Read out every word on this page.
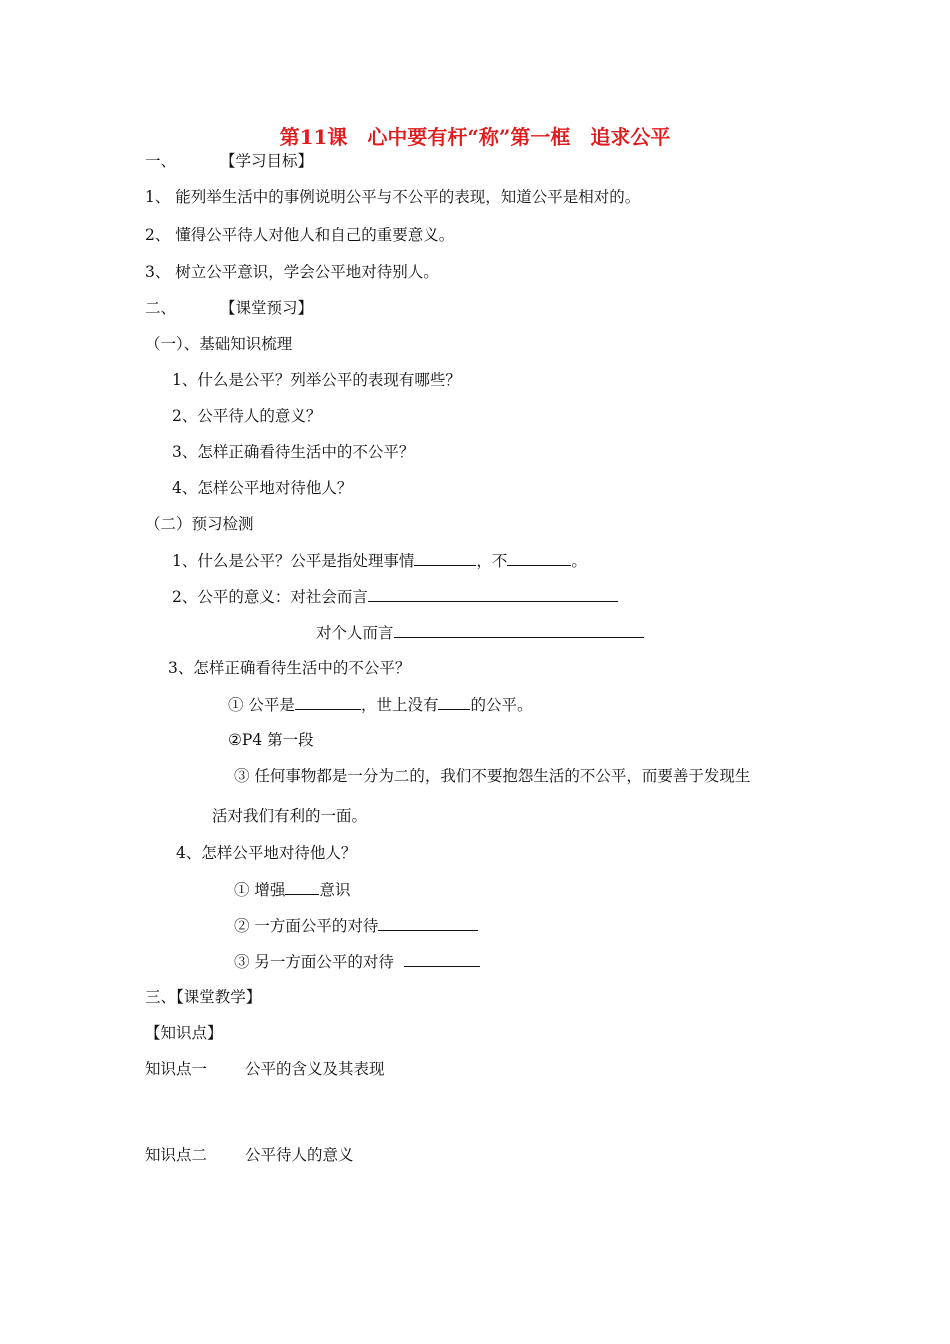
第11课　心中要有杆“称”第一框　追求公平
一、	【学习目标】
1、 能列举生活中的事例说明公平与不公平的表现，知道公平是相对的。
2、 懂得公平待人对他人和自己的重要意义。
3、 树立公平意识，学会公平地对待别人。
二、	【课堂预习】
（一）、基础知识梳理
1、什么是公平？列举公平的表现有哪些？
2、公平待人的意义？
3、怎样正确看待生活中的不公平？
4、怎样公平地对待他人？
（二）预习检测
1、什么是公平？公平是指处理事情	，不	。
2、公平的意义：对社会而言
对个人而言
3、怎样正确看待生活中的不公平？
① 公平是	，世上没有 的公平。
②P4 第一段
③ 任何事物都是一分为二的，我们不要抱怨生活的不公平，而要善于发现生
活对我们有利的一面。
4、怎样公平地对待他人？
① 增强 意识
② 一方面公平的对待
③ 另一方面公平的对待
三、【课堂教学】
【知识点】
知识点一 公平的含义及其表现
知识点二 公平待人的意义
